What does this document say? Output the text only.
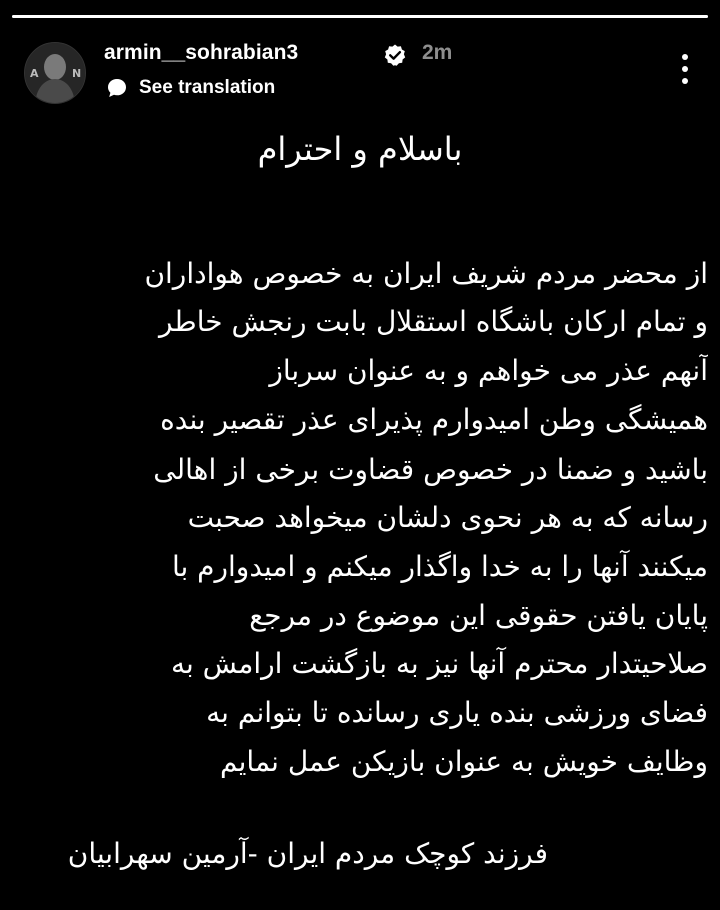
A	N
armin__sohrabian3	2m
See translation
باسلام و احترام
از محضر مردم شریف ایران به خصوص هواداران
و تمام ارکان باشگاه استقلال بابت رنجش خاطر
آنهم عذر می خواهم و به عنوان سرباز
همیشگی وطن امیدوارم پذیرای عذر تقصیر بنده
باشید و ضمنا در خصوص قضاوت برخی از اهالی
رسانه که به هر نحوی دلشان میخواهد صحبت
میکنند آنها را به خدا واگذار میکنم و امیدوارم با
پایان یافتن حقوقی این موضوع در مرجع
صلاحیتدار محترم آنها نیز به بازگشت ارامش به
فضای ورزشی بنده یاری رسانده تا بتوانم به
وظایف خویش به عنوان بازیکن عمل نمایم
فرزند کوچک مردم ایران -آرمین سهرابیان
